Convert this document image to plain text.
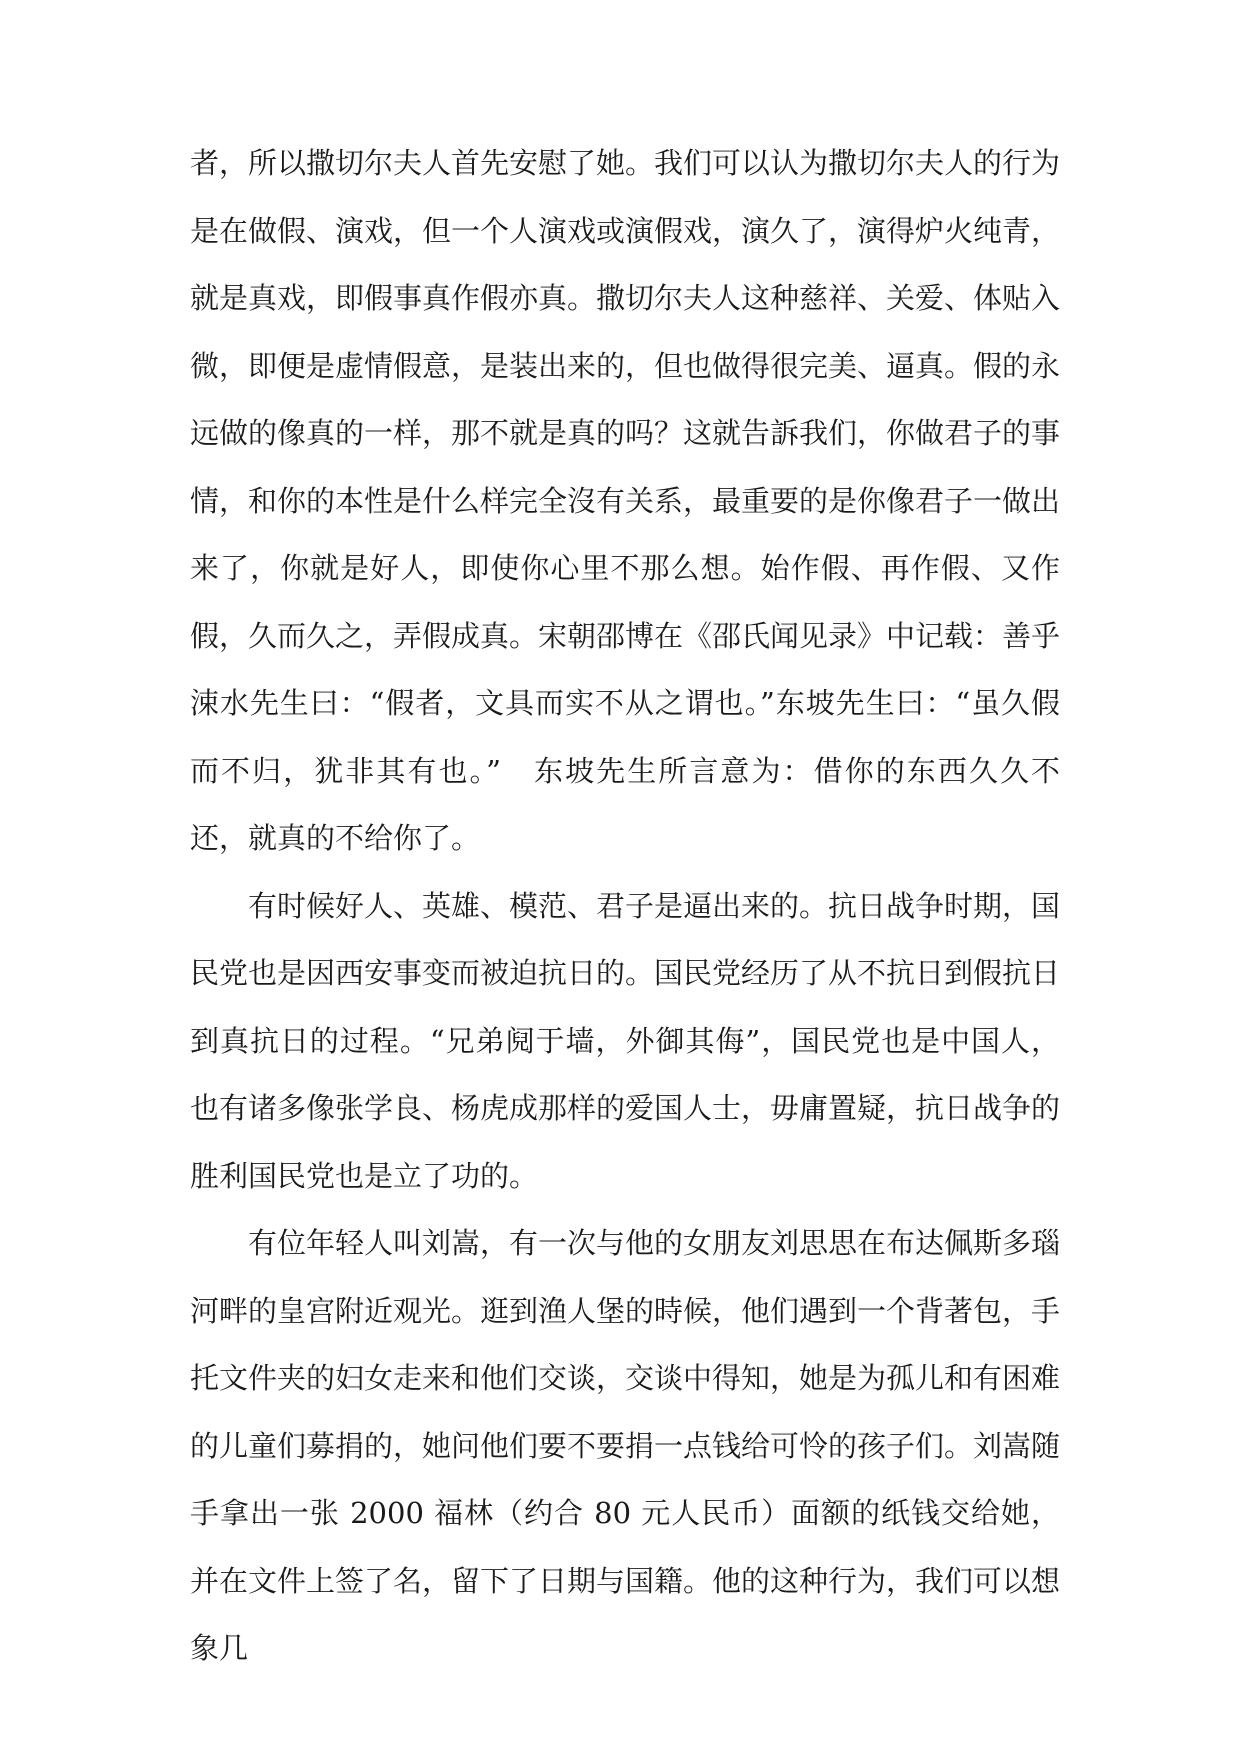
者，所以撒切尔夫人首先安慰了她。我们可以认为撒切尔夫人的行为是在做假、演戏，但一个人演戏或演假戏，演久了，演得炉火纯青，就是真戏，即假事真作假亦真。撒切尔夫人这种慈祥、关爱、体贴入微，即便是虚情假意，是装出来的，但也做得很完美、逼真。假的永远做的像真的一样，那不就是真的吗？这就告訴我们，你做君子的事情，和你的本性是什么样完全沒有关系，最重要的是你像君子一做出来了，你就是好人，即使你心里不那么想。始作假、再作假、又作假，久而久之，弄假成真。宋朝邵博在《邵氏闻见录》中记载：善乎涑水先生曰：“假者，文具而实不从之谓也。”东坡先生曰：“虽久假而不归，犹非其有也。”　东坡先生所言意为：借你的东西久久不还，就真的不给你了。

有时候好人、英雄、模范、君子是逼出来的。抗日战争时期，国民党也是因西安事变而被迫抗日的。国民党经历了从不抗日到假抗日到真抗日的过程。“兄弟阋于墙，外御其侮”，国民党也是中国人，也有诸多像张学良、杨虎成那样的爱国人士，毋庸置疑，抗日战争的胜利国民党也是立了功的。

有位年轻人叫刘嵩，有一次与他的女朋友刘思思在布达佩斯多瑙河畔的皇宫附近观光。逛到渔人堡的時候，他们遇到一个背著包，手托文件夹的妇女走来和他们交谈，交谈中得知，她是为孤儿和有困难的儿童们募捐的，她问他们要不要捐一点钱给可怜的孩子们。刘嵩随手拿出一张 2000 福林（约合 80 元人民币）面额的纸钱交给她，并在文件上签了名，留下了日期与国籍。他的这种行为，我们可以想象几
